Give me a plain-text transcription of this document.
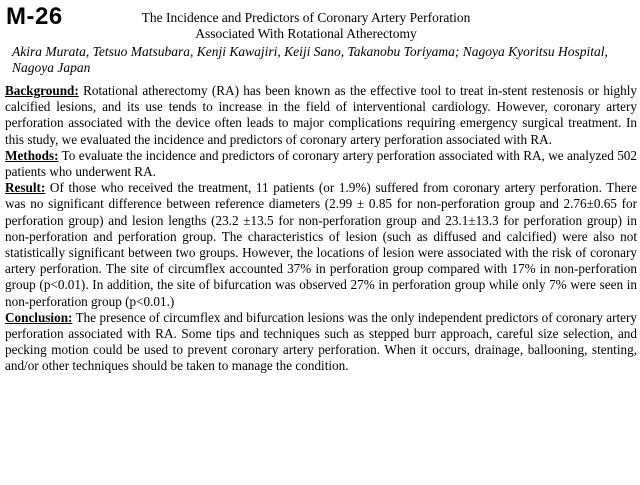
M-26	The Incidence and Predictors of Coronary Artery Perforation
Associated With Rotational Atherectomy
Akira Murata, Tetsuo Matsubara, Kenji Kawajiri, Keiji Sano, Takanobu Toriyama; Nagoya Kyoritsu Hospital, Nagoya Japan

Background: Rotational atherectomy (RA) has been known as the effective tool to treat in-stent restenosis or highly calcified lesions, and its use tends to increase in the field of interventional cardiology. However, coronary artery perforation associated with the device often leads to major complications requiring emergency surgical treatment. In this study, we evaluated the incidence and predictors of coronary artery perforation associated with RA.

Methods: To evaluate the incidence and predictors of coronary artery perforation associated with RA, we analyzed 502 patients who underwent RA.

Result: Of those who received the treatment, 11 patients (or 1.9%) suffered from coronary artery perforation. There was no significant difference between reference diameters (2.99 ± 0.85 for non-perforation group and 2.76±0.65 for perforation group) and lesion lengths (23.2 ±13.5 for non-perforation group and 23.1±13.3 for perforation group) in non-perforation and perforation group. The characteristics of lesion (such as diffused and calcified) were also not statistically significant between two groups. However, the locations of lesion were associated with the risk of coronary artery perforation. The site of circumflex accounted 37% in perforation group compared with 17% in non-perforation group (p<0.01). In addition, the site of bifurcation was observed 27% in perforation group while only 7% were seen in non-perforation group (p<0.01.)

Conclusion: The presence of circumflex and bifurcation lesions was the only independent predictors of coronary artery perforation associated with RA. Some tips and techniques such as stepped burr approach, careful size selection, and pecking motion could be used to prevent coronary artery perforation. When it occurs, drainage, ballooning, stenting, and/or other techniques should be taken to manage the condition.
